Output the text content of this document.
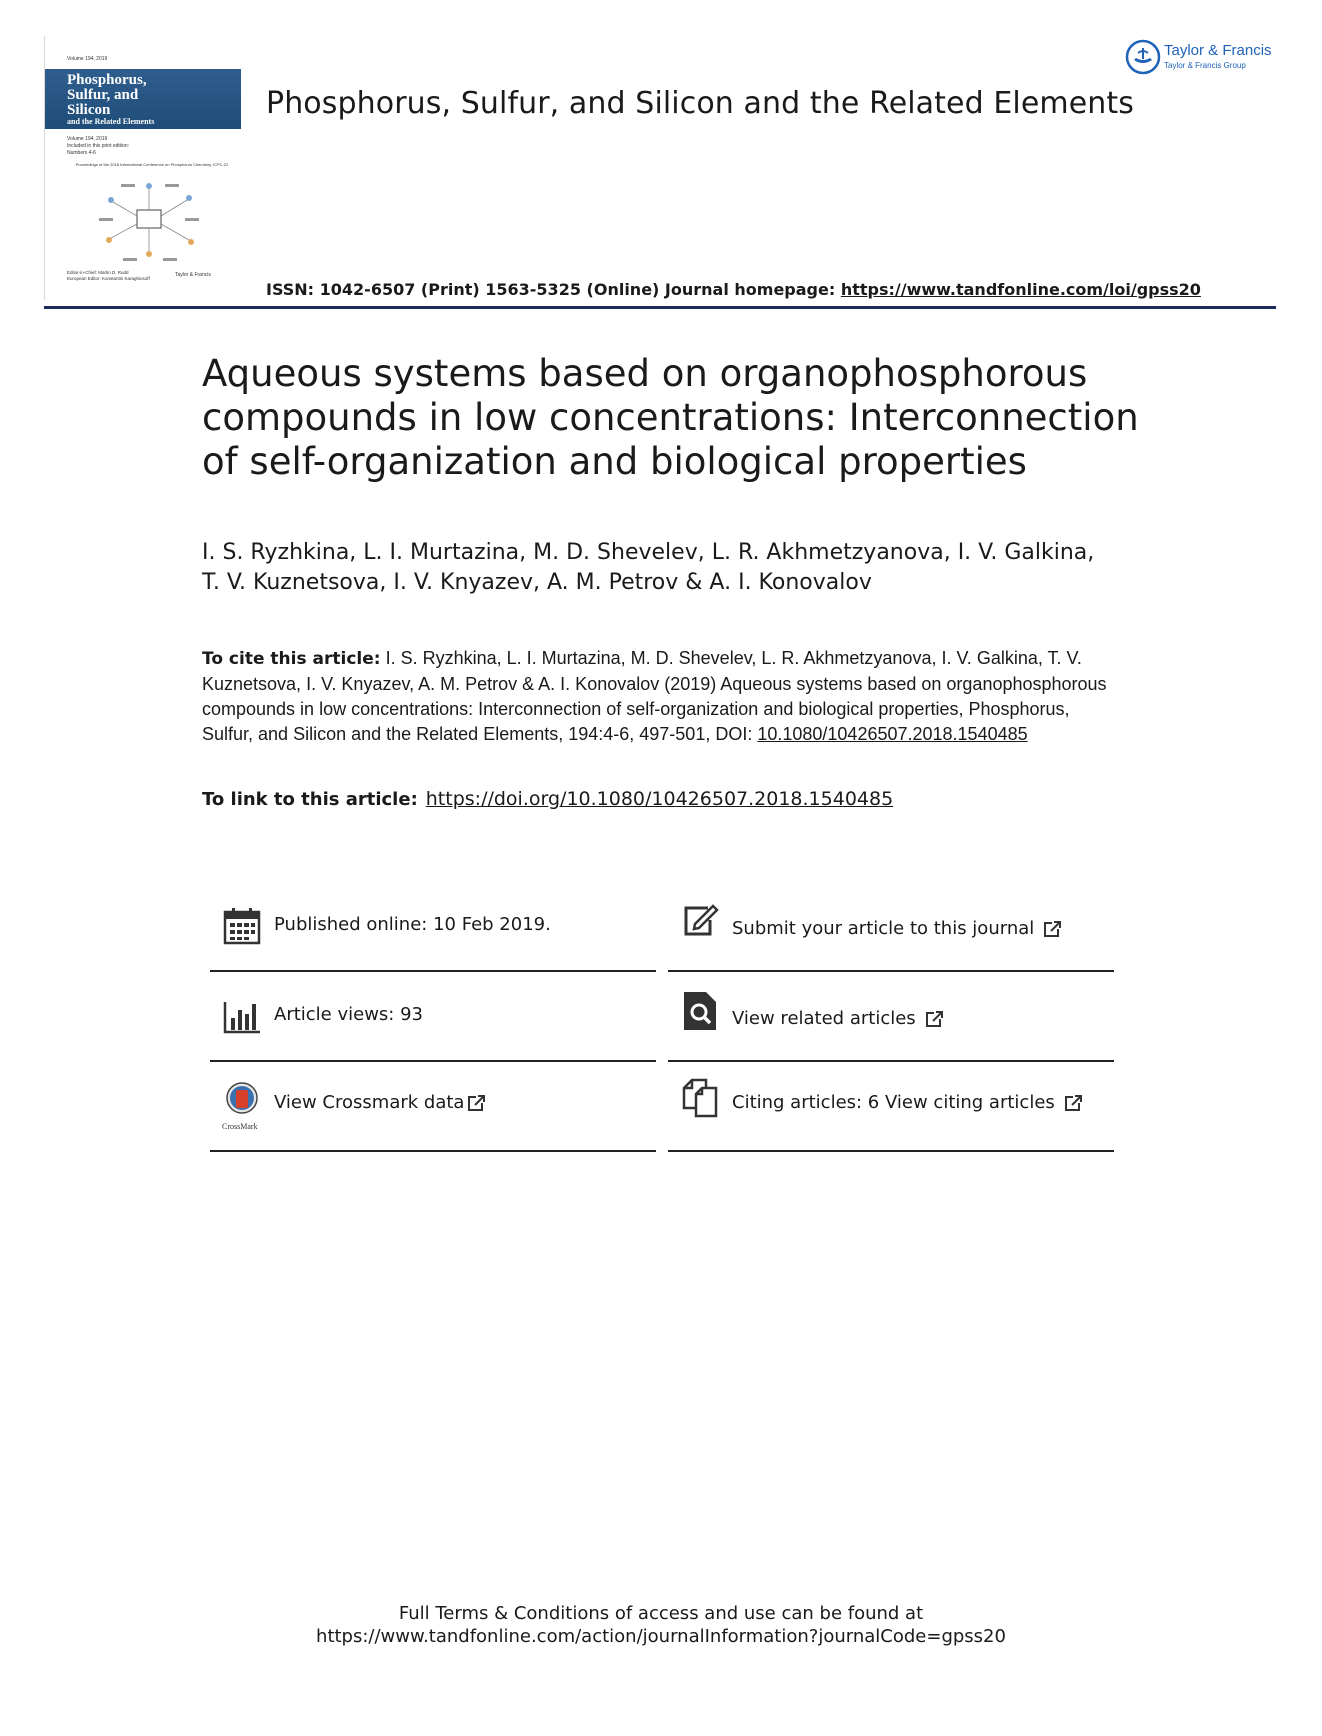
Volume 194, 2019
Phosphorus,
Sulfur, and
Silicon
and the Related Elements
Volume 194, 2019
Included in this print edition:
Numbers 4-6
Proceedings of the 2018 International Conference on Phosphorus Chemistry, ICPC-22
Editor-in-Chief: Martin D. Rudd
European Editor: Konstantin Karaghiosoff
Taylor & Francis
Phosphorus, Sulfur, and Silicon and the Related Elements
Taylor & Francis
Taylor & Francis Group
ISSN: 1042-6507 (Print) 1563-5325 (Online) Journal homepage: https://www.tandfonline.com/loi/gpss20
Aqueous systems based on organophosphorous compounds in low concentrations: Interconnection of self-organization and biological properties
I. S. Ryzhkina, L. I. Murtazina, M. D. Shevelev, L. R. Akhmetzyanova, I. V. Galkina, T. V. Kuznetsova, I. V. Knyazev, A. M. Petrov & A. I. Konovalov
To cite this article: I. S. Ryzhkina, L. I. Murtazina, M. D. Shevelev, L. R. Akhmetzyanova, I. V. Galkina, T. V. Kuznetsova, I. V. Knyazev, A. M. Petrov & A. I. Konovalov (2019) Aqueous systems based on organophosphorous compounds in low concentrations: Interconnection of self-organization and biological properties, Phosphorus, Sulfur, and Silicon and the Related Elements, 194:4-6, 497-501, DOI: 10.1080/10426507.2018.1540485
To link to this article: https://doi.org/10.1080/10426507.2018.1540485
Published online: 10 Feb 2019.	Submit your article to this journal
Article views: 93	View related articles
CrossMark
View Crossmark data	Citing articles: 6 View citing articles
Full Terms & Conditions of access and use can be found at
https://www.tandfonline.com/action/journalInformation?journalCode=gpss20
